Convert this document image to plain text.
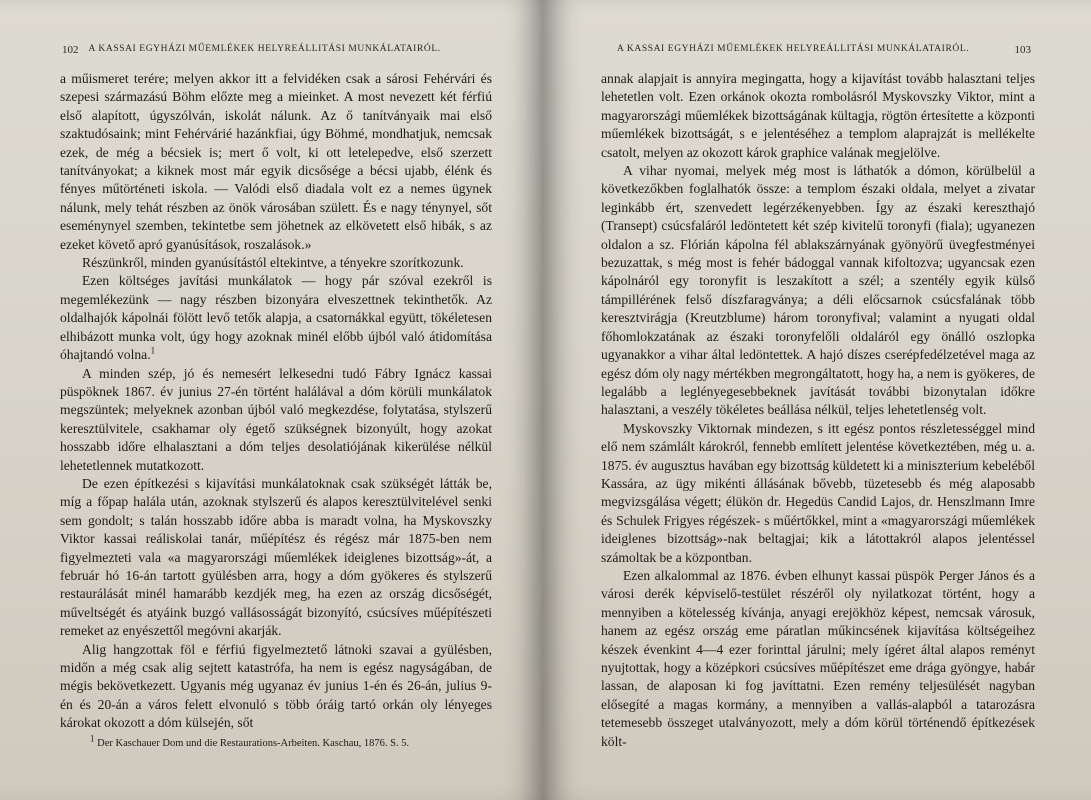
102 A KASSAI EGYHÁZI MŰEMLÉKEK HELYREÁLLITÁSI MUNKÁLATAIRÓL.

a műismeret terére; melyen akkor itt a felvidéken csak a sárosi Fehérvári és szepesi származású Böhm előzte meg a mieinket. A most nevezett két férfiú első alapított, úgyszólván, iskolát nálunk. Az ő tanítványaik mai első szaktudósaink; mint Fehérvárié hazánkfiai, úgy Böhmé, mondhatjuk, nemcsak ezek, de még a bécsiek is; mert ő volt, ki ott letelepedve, első szerzett tanítványokat; a kiknek most már egyik dicsősége a bécsi ujabb, élénk és fényes műtörténeti iskola. — Valódi első diadala volt ez a nemes ügynek nálunk, mely tehát részben az önök városában születt. És e nagy ténynyel, sőt eseménynyel szemben, tekintetbe sem jöhetnek az elkövetett első hibák, s az ezeket követő apró gyanúsítások, roszalások.»

Részünkről, minden gyanúsítástól eltekintve, a tényekre szorítkozunk.

Ezen költséges javítási munkálatok — hogy pár szóval ezekről is megemlékezünk — nagy részben bizonyára elveszettnek tekinthetők. Az oldalhajók kápolnái fölött levő tetők alapja, a csatornákkal együtt, tökéletesen elhibázott munka volt, úgy hogy azoknak minél előbb újból való átidomítása óhajtandó volna.$^1$

A minden szép, jó és nemesért lelkesedni tudó Fábry Ignácz kassai püspöknek 1867. év junius 27-én történt halálával a dóm körüli munkálatok megszüntek; melyeknek azonban újból való megkezdése, folytatása, stylszerű keresztülvitele, csakhamar oly égető szükségnek bizonyúlt, hogy azokat hosszabb időre elhalasztani a dóm teljes desolatiójának kikerülése nélkül lehetetlennek mutatkozott.

De ezen építkezési s kijavítási munkálatoknak csak szükségét látták be, míg a főpap halála után, azoknak stylszerű és alapos keresztülvitelével senki sem gondolt; s talán hosszabb időre abba is maradt volna, ha Myskovszky Viktor kassai reáliskolai tanár, műépítész és régész már 1875-ben nem figyelmezteti vala «a magyarországi műemlékek ideiglenes bizottság»-át, a február hó 16-án tartott gyülésben arra, hogy a dóm gyökeres és stylszerű restaurálását minél hamarább kezdjék meg, ha ezen az ország dicsőségét, műveltségét és atyáink buzgó vallásosságát bizonyító, csúcsíves műépítészeti remeket az enyészettől megóvni akarják.

Alig hangzottak föl e férfiú figyelmeztető látnoki szavai a gyülésben, midőn a még csak alig sejtett katastrófa, ha nem is egész nagyságában, de mégis bekövetkezett. Ugyanis még ugyanaz év junius 1-én és 26-án, julius 9-én és 20-án a város felett elvonuló s több óráig tartó orkán oly lényeges károkat okozott a dóm külsején, sőt

1 Der Kaschauer Dom und die Restaurations-Arbeiten. Kaschau, 1876. S. 5.
A KASSAI EGYHÁZI MŰEMLÉKEK HELYREÁLLITÁSI MUNKÁLATAIRÓL.	103

annak alapjait is annyira megingatta, hogy a kijavítást tovább halasztani teljes lehetetlen volt. Ezen orkánok okozta rombolásról Myskovszky Viktor, mint a magyarországi műemlékek bizottságának kültagja, rögtön értesítette a központi műemlékek bizottságát, s e jelentéséhez a templom alaprajzát is mellékelte csatolt, melyen az okozott károk graphice valának megjelölve.

A vihar nyomai, melyek még most is láthatók a dómon, körülbelül a következőkben foglalhatók össze: a templom északi oldala, melyet a zivatar leginkább ért, szenvedett legérzékenyebben. Így az északi kereszthajó (Transept) csúcsfaláról ledöntetett két szép kivitelű toronyfi (fiala); ugyanezen oldalon a sz. Flórián kápolna fél ablakszárnyának gyönyörű üvegfestményei bezuzattak, s még most is fehér bádoggal vannak kifoltozva; ugyancsak ezen kápolnáról egy toronyfit is leszakított a szél; a szentély egyik külső támpillérének felső díszfaragványa; a déli előcsarnok csúcsfalának több keresztvirágja (Kreutzblume) három toronyfival; valamint a nyugati oldal főhomlokzatának az északi toronyfelőli oldaláról egy önálló oszlopka ugyanakkor a vihar által ledöntettek. A hajó díszes cserépfedélzetével maga az egész dóm oly nagy mértékben megrongáltatott, hogy ha, a nem is gyökeres, de legalább a leglényegesebbeknek javítását további bizonytalan időkre halasztani, a veszély tökéletes beállása nélkül, teljes lehetetlenség volt.

Myskovszky Viktornak mindezen, s itt egész pontos részletességgel mind elő nem számlált károkról, fennebb említett jelentése következtében, még u. a. 1875. év augusztus havában egy bizottság küldetett ki a miniszterium kebeléből Kassára, az ügy mikénti állásának bővebb, tüzetesebb és még alaposabb megvizsgálása végett; élükön dr. Hegedüs Candid Lajos, dr. Henszlmann Imre és Schulek Frigyes régészek- s műértőkkel, mint a «magyarországi műemlékek ideiglenes bizottság»-nak beltagjai; kik a látottakról alapos jelentéssel számoltak be a központban.

Ezen alkalommal az 1876. évben elhunyt kassai püspök Perger János és a városi derék képviselő-testület részéről oly nyilatkozat történt, hogy a mennyiben a kötelesség kívánja, anyagi erejökhöz képest, nemcsak városuk, hanem az egész ország eme páratlan műkincsének kijavítása költségeihez készek évenkint 4—4 ezer forinttal járulni; mely ígéret által alapos reményt nyujtottak, hogy a középkori csúcsíves műépítészet eme drága gyöngye, habár lassan, de alaposan ki fog javíttatni. Ezen remény teljesülését nagyban elősegíté a magas kormány, a mennyiben a vallás-alapból a tatarozásra tetemesebb összeget utalványozott, mely a dóm körül történendő építkezések költ-
